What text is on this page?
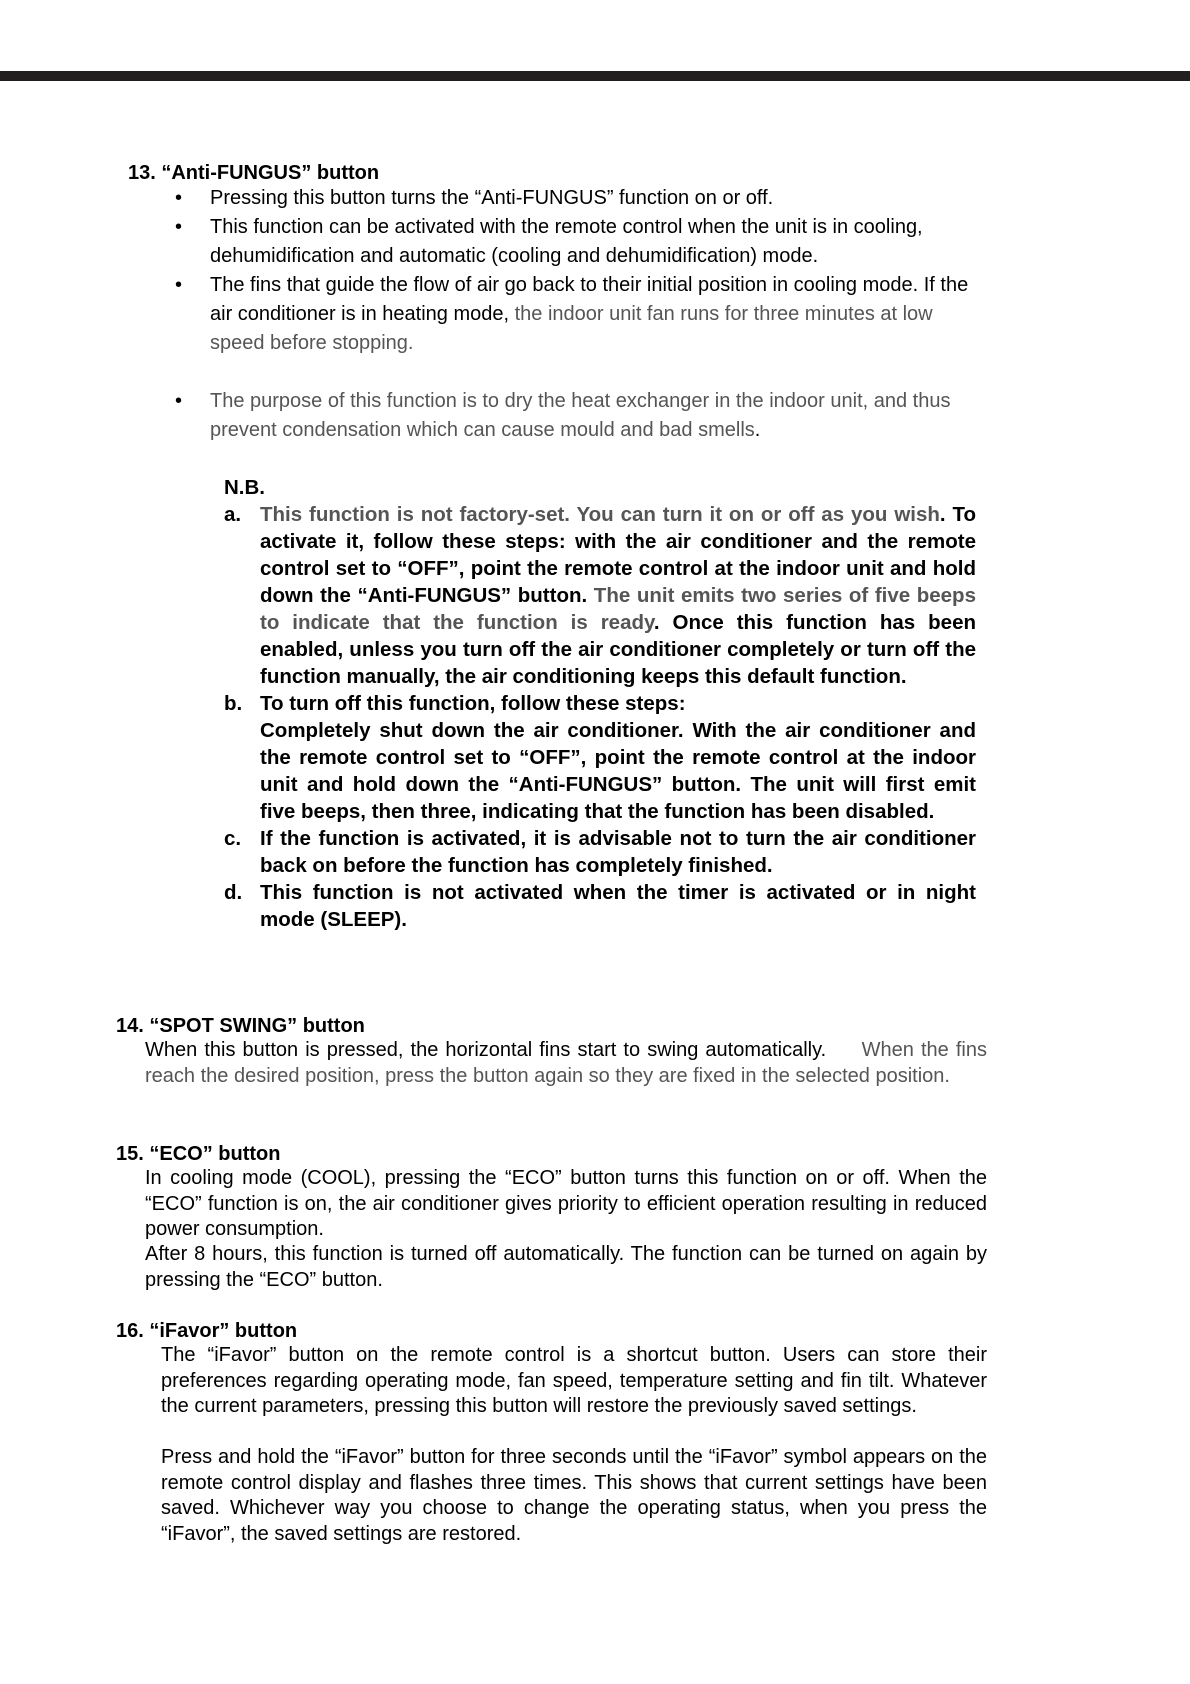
13. “Anti-FUNGUS” button
• Pressing this button turns the “Anti-FUNGUS” function on or off.
• This function can be activated with the remote control when the unit is in cooling, dehumidification and automatic (cooling and dehumidification) mode.
• The fins that guide the flow of air go back to their initial position in cooling mode. If the air conditioner is in heating mode, the indoor unit fan runs for three minutes at low speed before stopping.
• The purpose of this function is to dry the heat exchanger in the indoor unit, and thus prevent condensation which can cause mould and bad smells.
N.B.
a. This function is not factory-set. You can turn it on or off as you wish. To activate it, follow these steps: with the air conditioner and the remote control set to “OFF”, point the remote control at the indoor unit and hold down the “Anti-FUNGUS” button. The unit emits two series of five beeps to indicate that the function is ready. Once this function has been enabled, unless you turn off the air conditioner completely or turn off the function manually, the air conditioning keeps this default function.
b. To turn off this function, follow these steps:
Completely shut down the air conditioner. With the air conditioner and the remote control set to “OFF”, point the remote control at the indoor unit and hold down the “Anti-FUNGUS” button. The unit will first emit five beeps, then three, indicating that the function has been disabled.
c. If the function is activated, it is advisable not to turn the air conditioner back on before the function has completely finished.
d. This function is not activated when the timer is activated or in night mode (SLEEP).
14. “SPOT SWING” button
When this button is pressed, the horizontal fins start to swing automatically. When the fins reach the desired position, press the button again so they are fixed in the selected position.
15. “ECO” button
In cooling mode (COOL), pressing the “ECO” button turns this function on or off. When the “ECO” function is on, the air conditioner gives priority to efficient operation resulting in reduced power consumption.
After 8 hours, this function is turned off automatically. The function can be turned on again by pressing the “ECO” button.
16. “iFavor” button
The “iFavor” button on the remote control is a shortcut button. Users can store their preferences regarding operating mode, fan speed, temperature setting and fin tilt. Whatever the current parameters, pressing this button will restore the previously saved settings.
Press and hold the “iFavor” button for three seconds until the “iFavor” symbol appears on the remote control display and flashes three times. This shows that current settings have been saved. Whichever way you choose to change the operating status, when you press the “iFavor”, the saved settings are restored.
